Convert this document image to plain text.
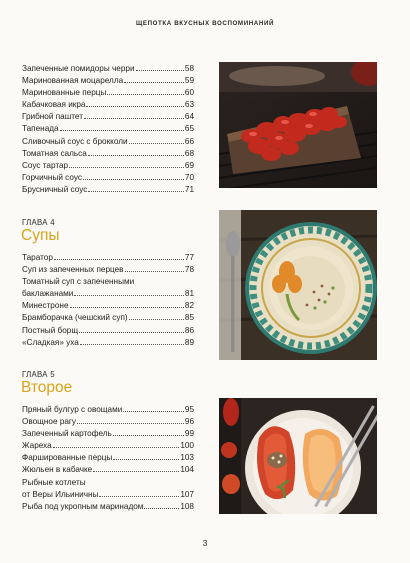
ЩЕПОТКА ВКУСНЫХ ВОСПОМИНАНИЙ
Запеченные помидоры черри	58
Маринованная моцарелла	59
Маринованные перцы	60
Кабачковая икра	63
Грибной паштет	64
Тапенада	65
Сливочный соус с брокколи	66
Томатная сальса	68
Соус тартар	69
Горчичный соус	70
Брусничный соус	71
ГЛАВА 4
Супы
Таратор	77
Суп из запеченных перцев	78
Томатный суп с запеченными
баклажанами	81
Минестроне	82
Брамборачка (чешский суп)	85
Постный борщ	86
«Сладкая» уха	89
ГЛАВА 5
Второе
Пряный булгур с овощами	95
Овощное рагу	96
Запеченный картофель	99
Жареха	100
Фаршированные перцы	103
Жюльен в кабачке	104
Рыбные котлеты
от Веры Ильиничны	107
Рыба под укропным маринадом	108
3
